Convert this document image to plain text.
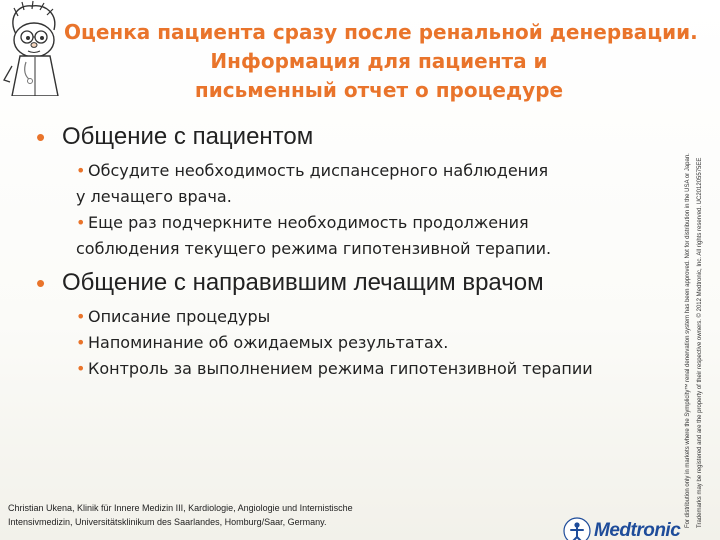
Оценка пациента сразу после ренальной денервации.
Информация для пациента и
письменный отчет о процедуре
• Общение с пациентом
• Обсудите необходимость диспансерного наблюдения
у лечащего врача.
• Еще раз подчеркните необходимость продолжения
соблюдения текущего режима гипотензивной терапии.
• Общение с направившим лечащим врачом
• Описание процедуры
• Напоминание об ожидаемых результатах.
• Контроль за выполнением режима гипотензивной терапии	For distribution only in markets where the Symplicity™ renal denervation system has been approved. Not for distribution in the USA or Japan.	Trademarks may be registered and are the property of their respective owners. © 2012 Medtronic, Inc. All rights reserved. UC201205575EE
Christian Ukena, Klinik für Innere Medizin III, Kardiologie, Angiologie und Internistische
Intensivmedizin, Universitätsklinikum des Saarlandes, Homburg/Saar, Germany.	Medtronic
